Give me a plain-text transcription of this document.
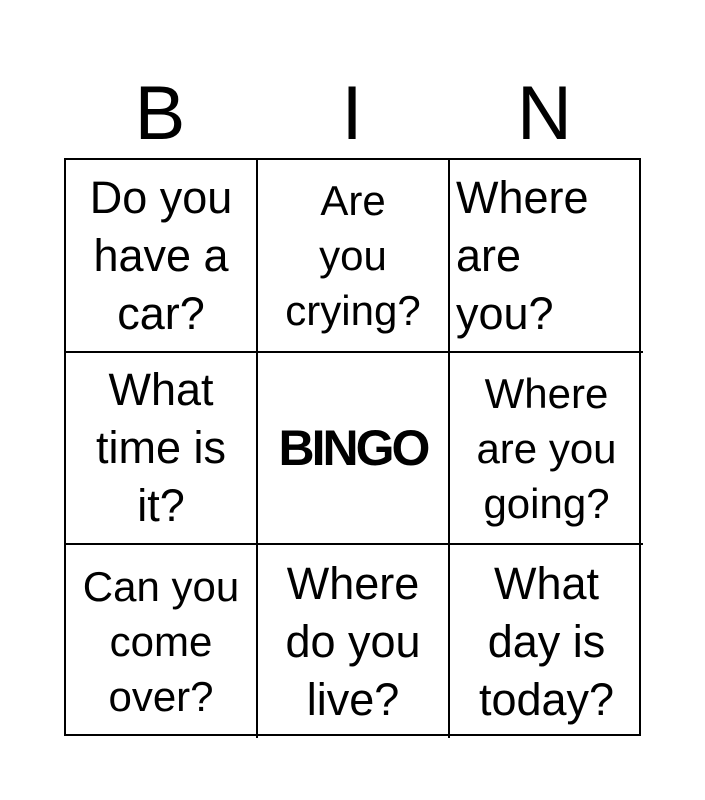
B	I	N
Do you
have a
car?
Are
you
crying?
Where
are
you?
What
time is
it?
BINGO
Where
are you
going?
Can you
come
over?
Where
do you
live?
What
day is
today?
